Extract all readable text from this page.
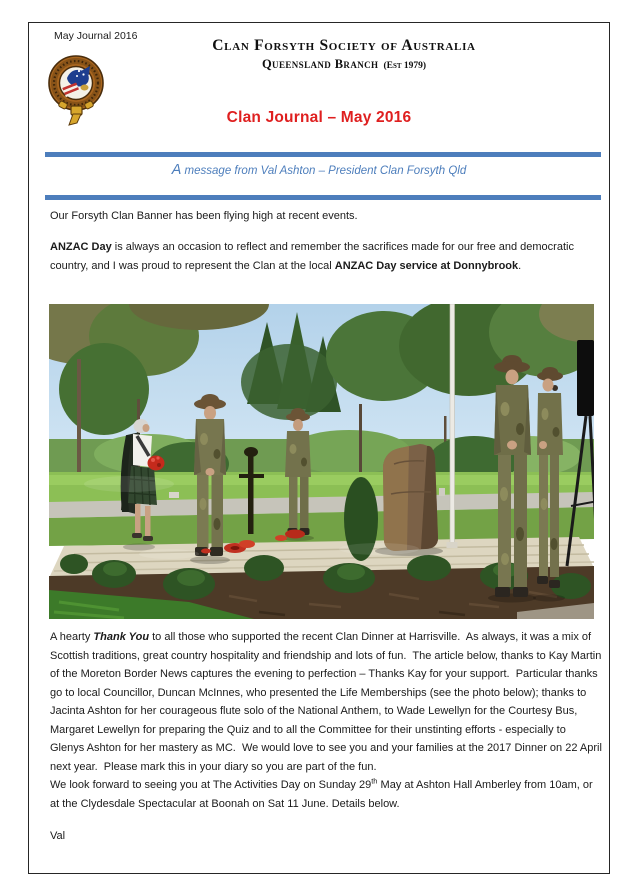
May Journal 2016
Clan Forsyth Society of Australia
Queensland Branch (Est 1979)
Clan Journal – May 2016
A message from Val Ashton – President Clan Forsyth Qld

Our Forsyth Clan Banner has been flying high at recent events.

ANZAC Day is always an occasion to reflect and remember the sacrifices made for our free and democratic country, and I was proud to represent the Clan at the local ANZAC Day service at Donnybrook.

A hearty Thank You to all those who supported the recent Clan Dinner at Harrisville.  As always, it was a mix of Scottish traditions, great country hospitality and friendship and lots of fun.  The article below, thanks to Kay Martin of the Moreton Border News captures the evening to perfection – Thanks Kay for your support.  Particular thanks go to local Councillor, Duncan McInnes, who presented the Life Memberships (see the photo below); thanks to Jacinta Ashton for her courageous flute solo of the National Anthem, to Wade Lewellyn for the Courtesy Bus, Margaret Lewellyn for preparing the Quiz and to all the Committee for their unstinting efforts - especially to Glenys Ashton for her mastery as MC.  We would love to see you and your families at the 2017 Dinner on 22 April next year.  Please mark this in your diary so you are part of the fun.

We look forward to seeing you at The Activities Day on Sunday 29th May at Ashton Hall Amberley from 10am, or at the Clydesdale Spectacular at Boonah on Sat 11 June. Details below.

Val
